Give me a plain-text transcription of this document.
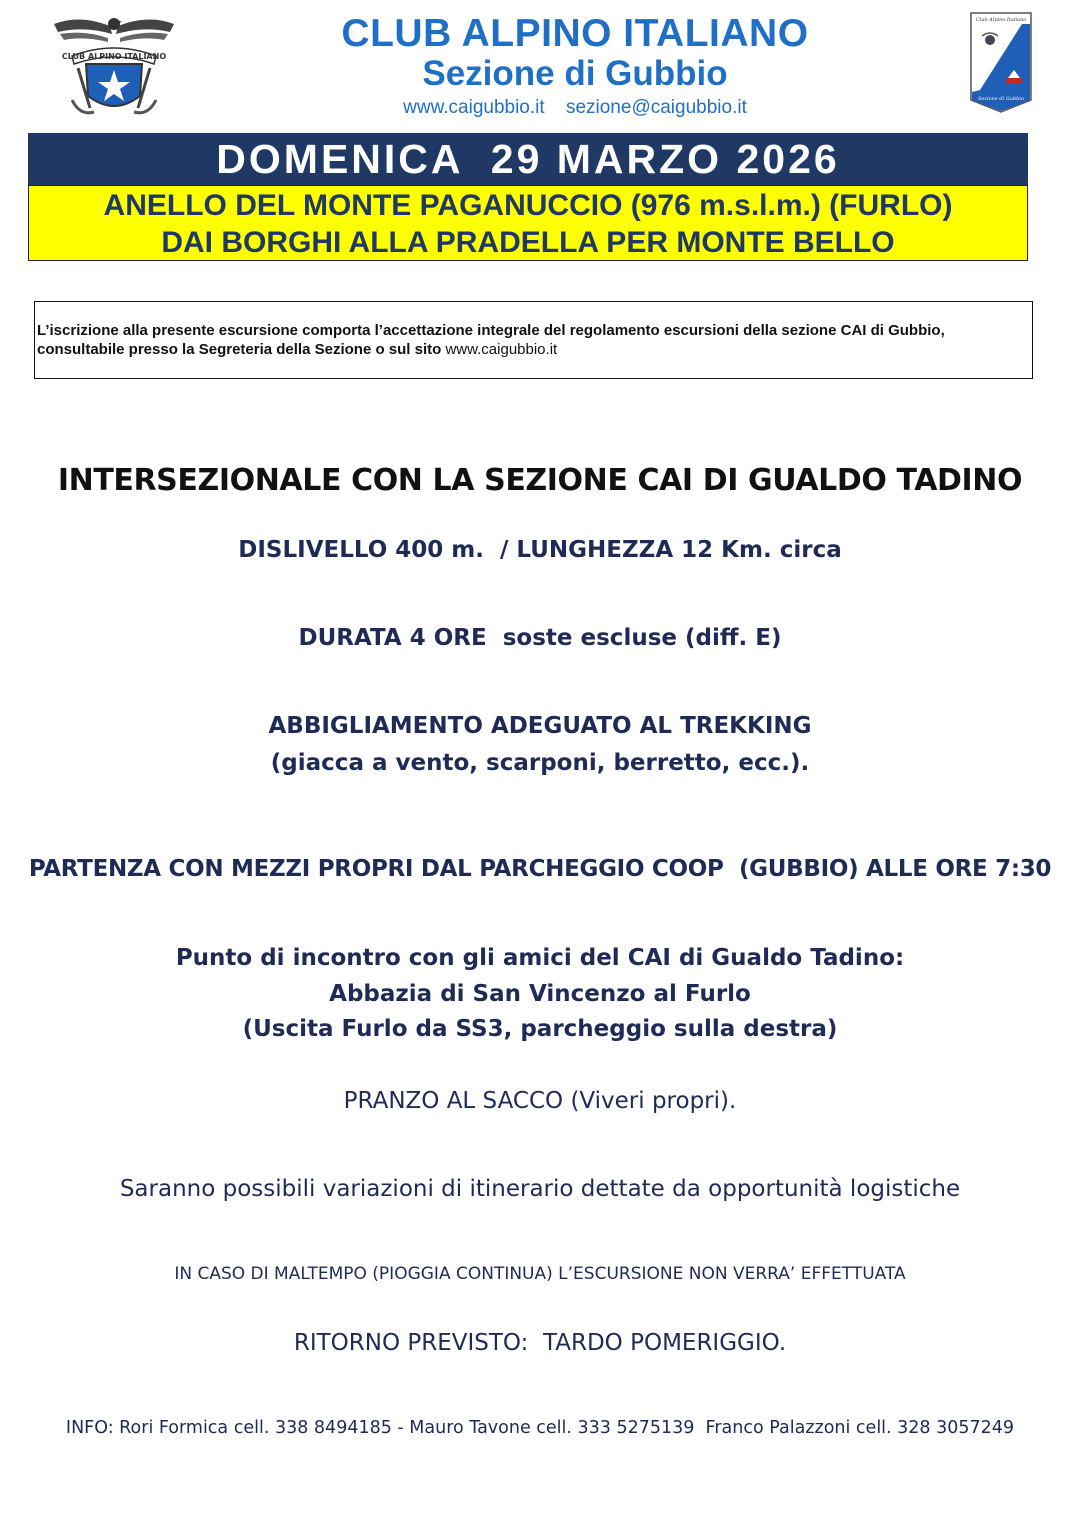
CLUB ALPINO ITALIANO
CLUB ALPINO ITALIANO
Sezione di Gubbio
www.caigubbio.it sezione@caigubbio.it
Club Alpino Italiano
Sezione di Gubbio
DOMENICA  29 MARZO 2026
ANELLO DEL MONTE PAGANUCCIO (976 m.s.l.m.) (FURLO)
DAI BORGHI ALLA PRADELLA PER MONTE BELLO
L’iscrizione alla presente escursione comporta l’accettazione integrale del regolamento escursioni della sezione CAI di Gubbio, consultabile presso la Segreteria della Sezione o sul sito www.caigubbio.it
INTERSEZIONALE CON LA SEZIONE CAI DI GUALDO TADINO
DISLIVELLO 400 m.  / LUNGHEZZA 12 Km. circa
DURATA 4 ORE  soste escluse (diff. E)
ABBIGLIAMENTO ADEGUATO AL TREKKING
(giacca a vento, scarponi, berretto, ecc.).
PARTENZA CON MEZZI PROPRI DAL PARCHEGGIO COOP  (GUBBIO) ALLE ORE 7:30
Punto di incontro con gli amici del CAI di Gualdo Tadino:
Abbazia di San Vincenzo al Furlo
(Uscita Furlo da SS3, parcheggio sulla destra)
PRANZO AL SACCO (Viveri propri).
Saranno possibili variazioni di itinerario dettate da opportunità logistiche
IN CASO DI MALTEMPO (PIOGGIA CONTINUA) L’ESCURSIONE NON VERRA’ EFFETTUATA
RITORNO PREVISTO:  TARDO POMERIGGIO.
INFO: Rori Formica cell. 338 8494185 - Mauro Tavone cell. 333 5275139  Franco Palazzoni cell. 328 3057249
